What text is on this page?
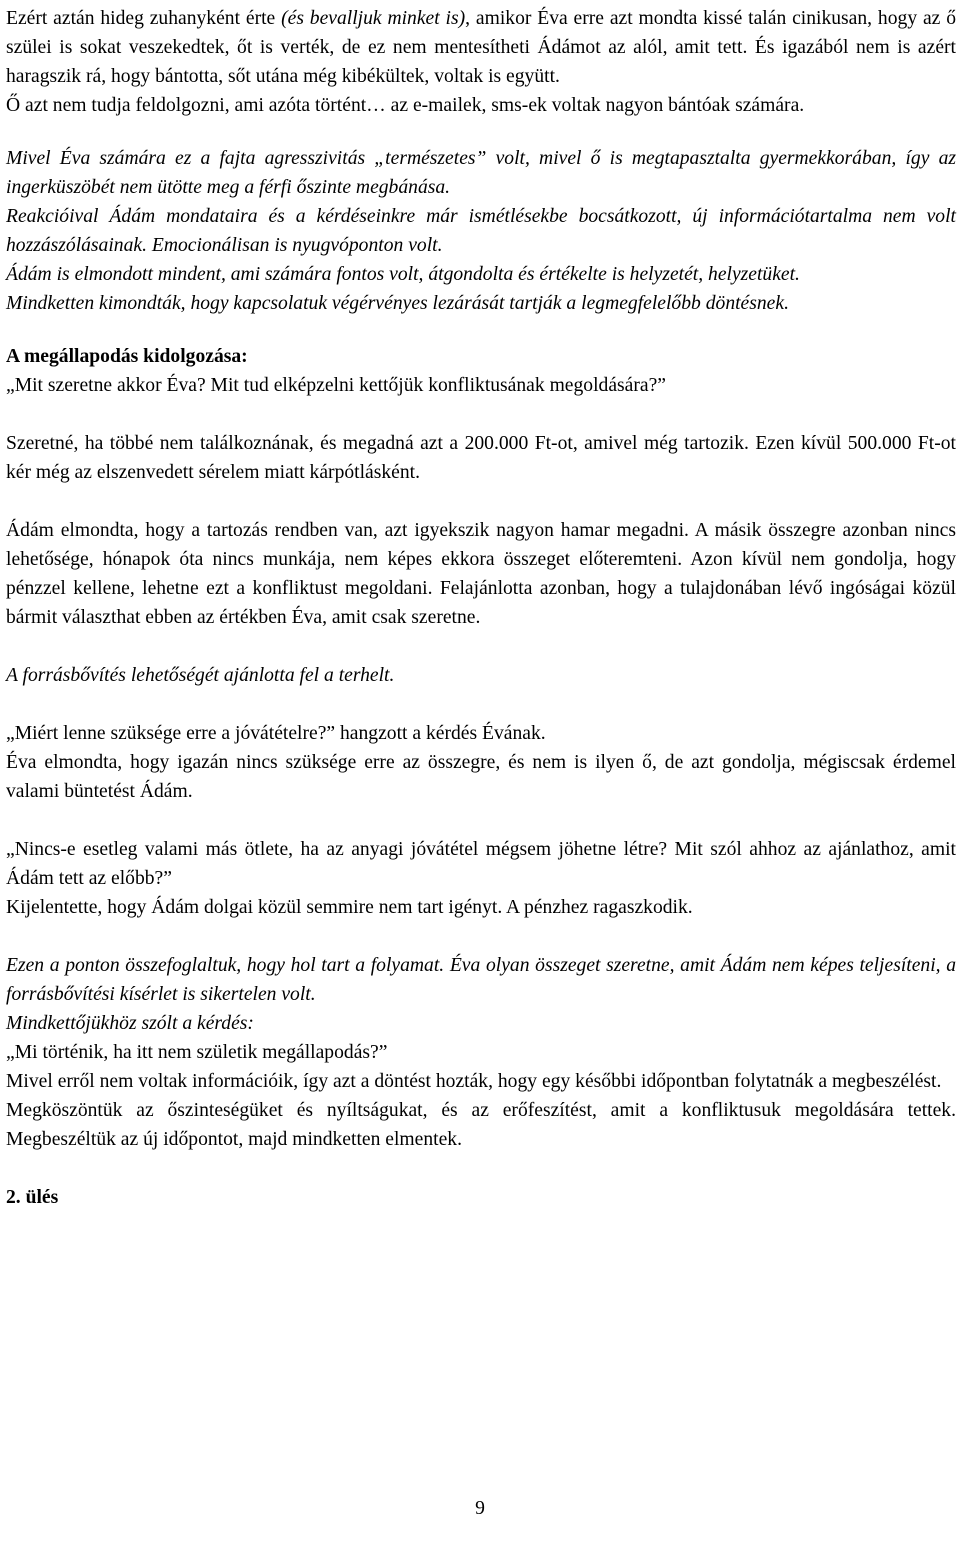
Ezért aztán hideg zuhanyként érte (és bevalljuk minket is), amikor Éva erre azt mondta kissé talán cinikusan, hogy az ő szülei is sokat veszekedtek, őt is verték, de ez nem mentesítheti Ádámot az alól, amit tett. És igazából nem is azért haragszik rá, hogy bántotta, sőt utána még kibékültek, voltak is együtt.

Ő azt nem tudja feldolgozni, ami azóta történt… az e-mailek, sms-ek voltak nagyon bántóak számára.

Mivel Éva számára ez a fajta agresszivitás „természetes” volt, mivel ő is megtapasztalta gyermekkorában, így az ingerküszöbét nem ütötte meg a férfi őszinte megbánása.

Reakcióival Ádám mondataira és a kérdéseinkre már ismétlésekbe bocsátkozott, új információtartalma nem volt hozzászólásainak. Emocionálisan is nyugvóponton volt.

Ádám is elmondott mindent, ami számára fontos volt, átgondolta és értékelte is helyzetét, helyzetüket.

Mindketten kimondták, hogy kapcsolatuk végérvényes lezárását tartják a legmegfelelőbb döntésnek.

A megállapodás kidolgozása:

„Mit szeretne akkor Éva? Mit tud elképzelni kettőjük konfliktusának megoldására?”

Szeretné, ha többé nem találkoznának, és megadná azt a 200.000 Ft-ot, amivel még tartozik. Ezen kívül 500.000 Ft-ot kér még az elszenvedett sérelem miatt kárpótlásként.

Ádám elmondta, hogy a tartozás rendben van, azt igyekszik nagyon hamar megadni. A másik összegre azonban nincs lehetősége, hónapok óta nincs munkája, nem képes ekkora összeget előteremteni. Azon kívül nem gondolja, hogy pénzzel kellene, lehetne ezt a konfliktust megoldani. Felajánlotta azonban, hogy a tulajdonában lévő ingóságai közül bármit választhat ebben az értékben Éva, amit csak szeretne.

A forrásbővítés lehetőségét ajánlotta fel a terhelt.

„Miért lenne szüksége erre a jóvátételre?” hangzott a kérdés Évának.

Éva elmondta, hogy igazán nincs szüksége erre az összegre, és nem is ilyen ő, de azt gondolja, mégiscsak érdemel valami büntetést Ádám.

„Nincs-e esetleg valami más ötlete, ha az anyagi jóvátétel mégsem jöhetne létre? Mit szól ahhoz az ajánlathoz, amit Ádám tett az előbb?”

Kijelentette, hogy Ádám dolgai közül semmire nem tart igényt. A pénzhez ragaszkodik.

Ezen a ponton összefoglaltuk, hogy hol tart a folyamat. Éva olyan összeget szeretne, amit Ádám nem képes teljesíteni, a forrásbővítési kísérlet is sikertelen volt.

Mindkettőjükhöz szólt a kérdés:

„Mi történik, ha itt nem születik megállapodás?”

Mivel erről nem voltak információik, így azt a döntést hozták, hogy egy későbbi időpontban folytatnák a megbeszélést.

Megköszöntük az őszinteségüket és nyíltságukat, és az erőfeszítést, amit a konfliktusuk megoldására tettek. Megbeszéltük az új időpontot, majd mindketten elmentek.

2. ülés

9
